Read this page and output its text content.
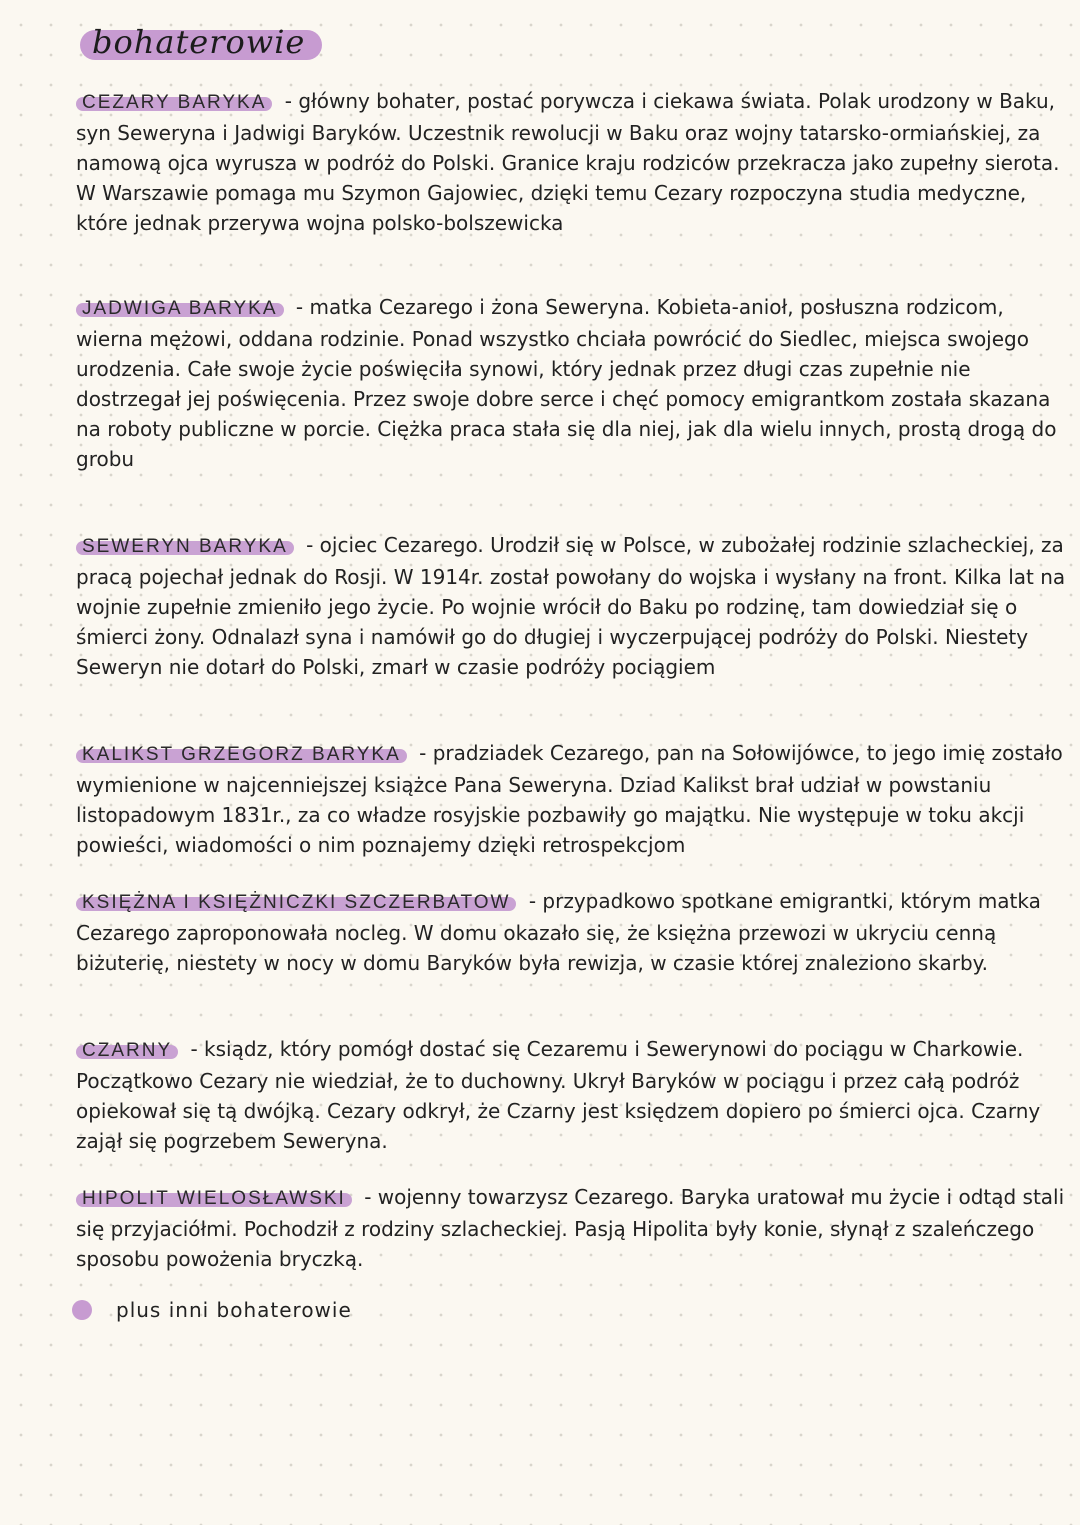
bohaterowie
CEZARY BARYKA - główny bohater, postać porywcza i ciekawa świata. Polak urodzony w Baku, syn Seweryna i Jadwigi Baryków. Uczestnik rewolucji w Baku oraz wojny tatarsko-ormiańskiej, za namową ojca wyrusza w podróż do Polski. Granice kraju rodziców przekracza jako zupełny sierota. W Warszawie pomaga mu Szymon Gajowiec, dzięki temu Cezary rozpoczyna studia medyczne, które jednak przerywa wojna polsko-bolszewicka
JADWIGA BARYKA - matka Cezarego i żona Seweryna. Kobieta-anioł, posłuszna rodzicom, wierna mężowi, oddana rodzinie. Ponad wszystko chciała powrócić do Siedlec, miejsca swojego urodzenia. Całe swoje życie poświęciła synowi, który jednak przez długi czas zupełnie nie dostrzegał jej poświęcenia. Przez swoje dobre serce i chęć pomocy emigrantkom została skazana na roboty publiczne w porcie. Ciężka praca stała się dla niej, jak dla wielu innych, prostą drogą do grobu
SEWERYN BARYKA - ojciec Cezarego. Urodził się w Polsce, w zubożałej rodzinie szlacheckiej, za pracą pojechał jednak do Rosji. W 1914r. został powołany do wojska i wysłany na front. Kilka lat na wojnie zupełnie zmieniło jego życie. Po wojnie wrócił do Baku po rodzinę, tam dowiedział się o śmierci żony. Odnalazł syna i namówił go do długiej i wyczerpującej podróży do Polski. Niestety Seweryn nie dotarł do Polski, zmarł w czasie podróży pociągiem
KALIKST GRZEGORZ BARYKA - pradziadek Cezarego, pan na Sołowijówce, to jego imię zostało wymienione w najcenniejszej książce Pana Seweryna. Dziad Kalikst brał udział w powstaniu listopadowym 1831r., za co władze rosyjskie pozbawiły go majątku. Nie występuje w toku akcji powieści, wiadomości o nim poznajemy dzięki retrospekcjom
KSIĘŻNA I KSIĘŻNICZKI SZCZERBATOW - przypadkowo spotkane emigrantki, którym matka Cezarego zaproponowała nocleg. W domu okazało się, że księżna przewozi w ukryciu cenną biżuterię, niestety w nocy w domu Baryków była rewizja, w czasie której znaleziono skarby.
CZARNY - ksiądz, który pomógł dostać się Cezaremu i Sewerynowi do pociągu w Charkowie. Początkowo Cezary nie wiedział, że to duchowny. Ukrył Baryków w pociągu i przez całą podróż opiekował się tą dwójką. Cezary odkrył, że Czarny jest księdzem dopiero po śmierci ojca. Czarny zajął się pogrzebem Seweryna.
HIPOLIT WIELOSŁAWSKI - wojenny towarzysz Cezarego. Baryka uratował mu życie i odtąd stali się przyjaciółmi. Pochodził z rodziny szlacheckiej. Pasją Hipolita były konie, słynął z szaleńczego sposobu powożenia bryczką.
plus inni bohaterowie
